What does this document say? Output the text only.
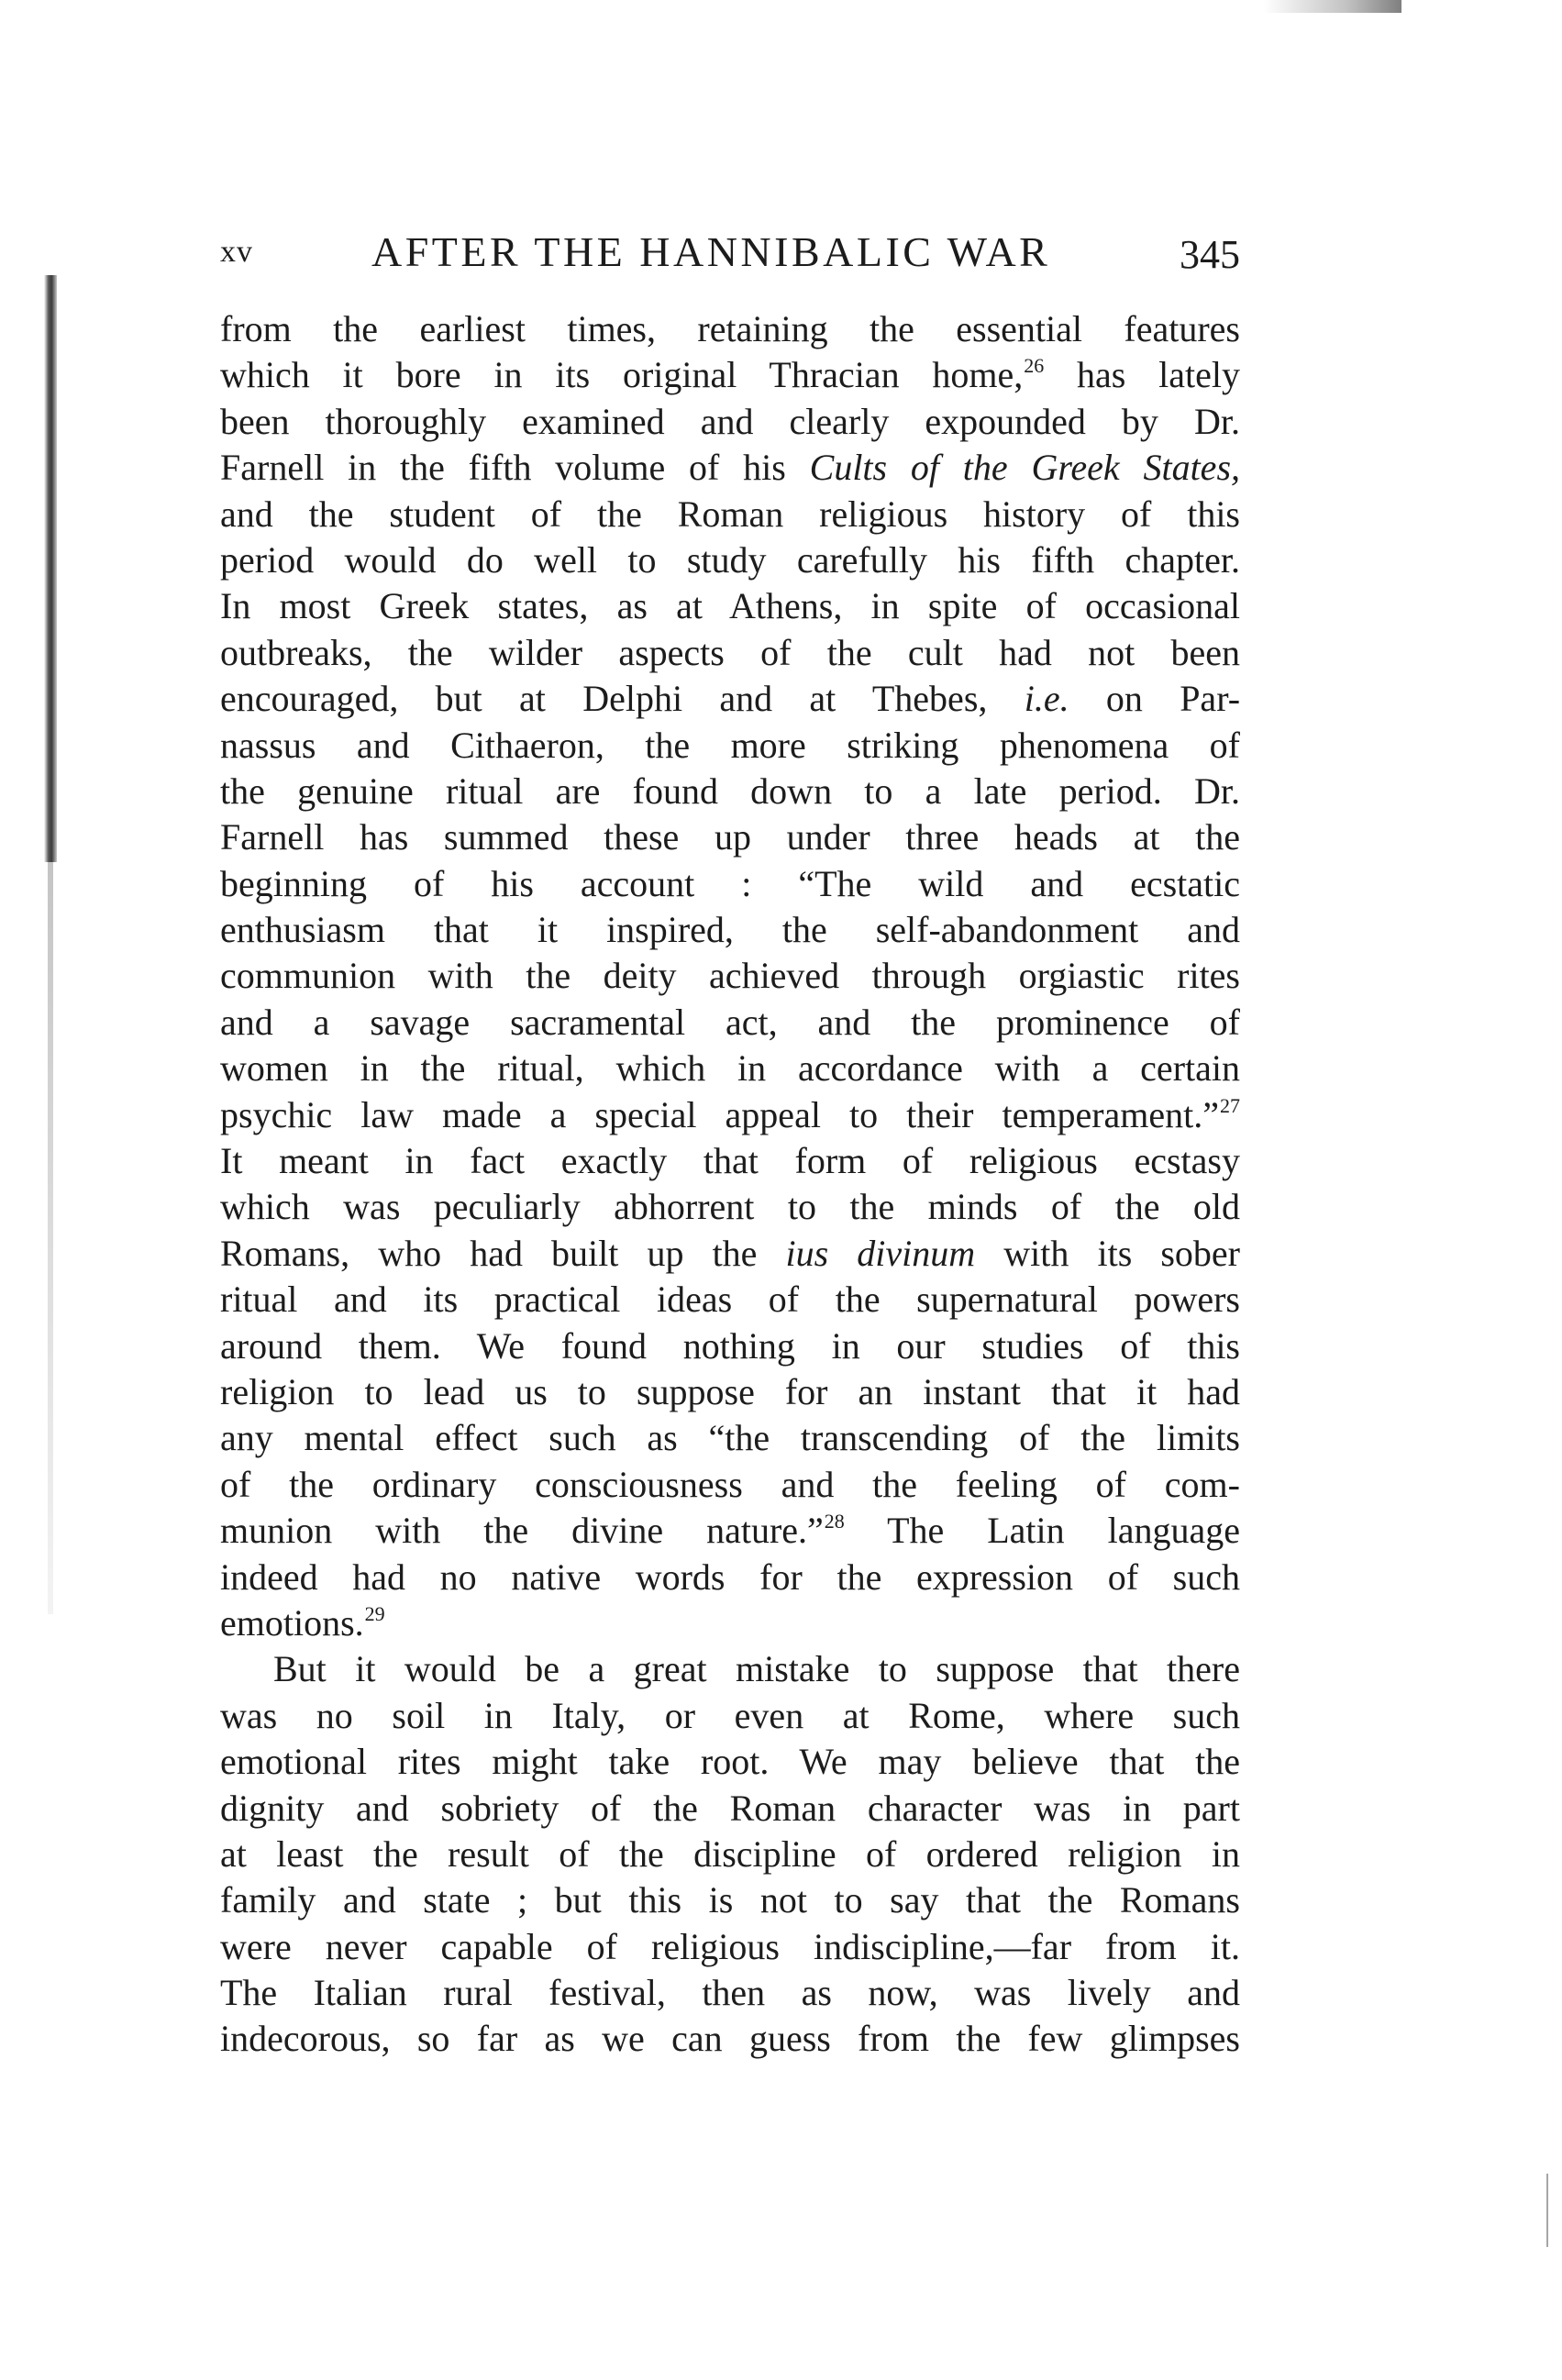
xv	AFTER THE HANNIBALIC WAR	345
from the earliest times, retaining the essential features
which it bore in its original Thracian home,$^{26}$ has lately
been thoroughly examined and clearly expounded by Dr.
Farnell in the fifth volume of his Cults of the Greek States,
and the student of the Roman religious history of this
period would do well to study carefully his fifth chapter.
In most Greek states, as at Athens, in spite of occasional
outbreaks, the wilder aspects of the cult had not been
encouraged, but at Delphi and at Thebes, i.e. on Par-
nassus and Cithaeron, the more striking phenomena of
the genuine ritual are found down to a late period. Dr.
Farnell has summed these up under three heads at the
beginning of his account : “The wild and ecstatic
enthusiasm that it inspired, the self-abandonment and
communion with the deity achieved through orgiastic rites
and a savage sacramental act, and the prominence of
women in the ritual, which in accordance with a certain
psychic law made a special appeal to their temperament.”$^{27}$
It meant in fact exactly that form of religious ecstasy
which was peculiarly abhorrent to the minds of the old
Romans, who had built up the ius divinum with its sober
ritual and its practical ideas of the supernatural powers
around them. We found nothing in our studies of this
religion to lead us to suppose for an instant that it had
any mental effect such as “the transcending of the limits
of the ordinary consciousness and the feeling of com-
munion with the divine nature.”$^{28}$ The Latin language
indeed had no native words for the expression of such
emotions.$^{29}$
But it would be a great mistake to suppose that there
was no soil in Italy, or even at Rome, where such
emotional rites might take root. We may believe that the
dignity and sobriety of the Roman character was in part
at least the result of the discipline of ordered religion in
family and state ; but this is not to say that the Romans
were never capable of religious indiscipline,—far from it.
The Italian rural festival, then as now, was lively and
indecorous, so far as we can guess from the few glimpses
